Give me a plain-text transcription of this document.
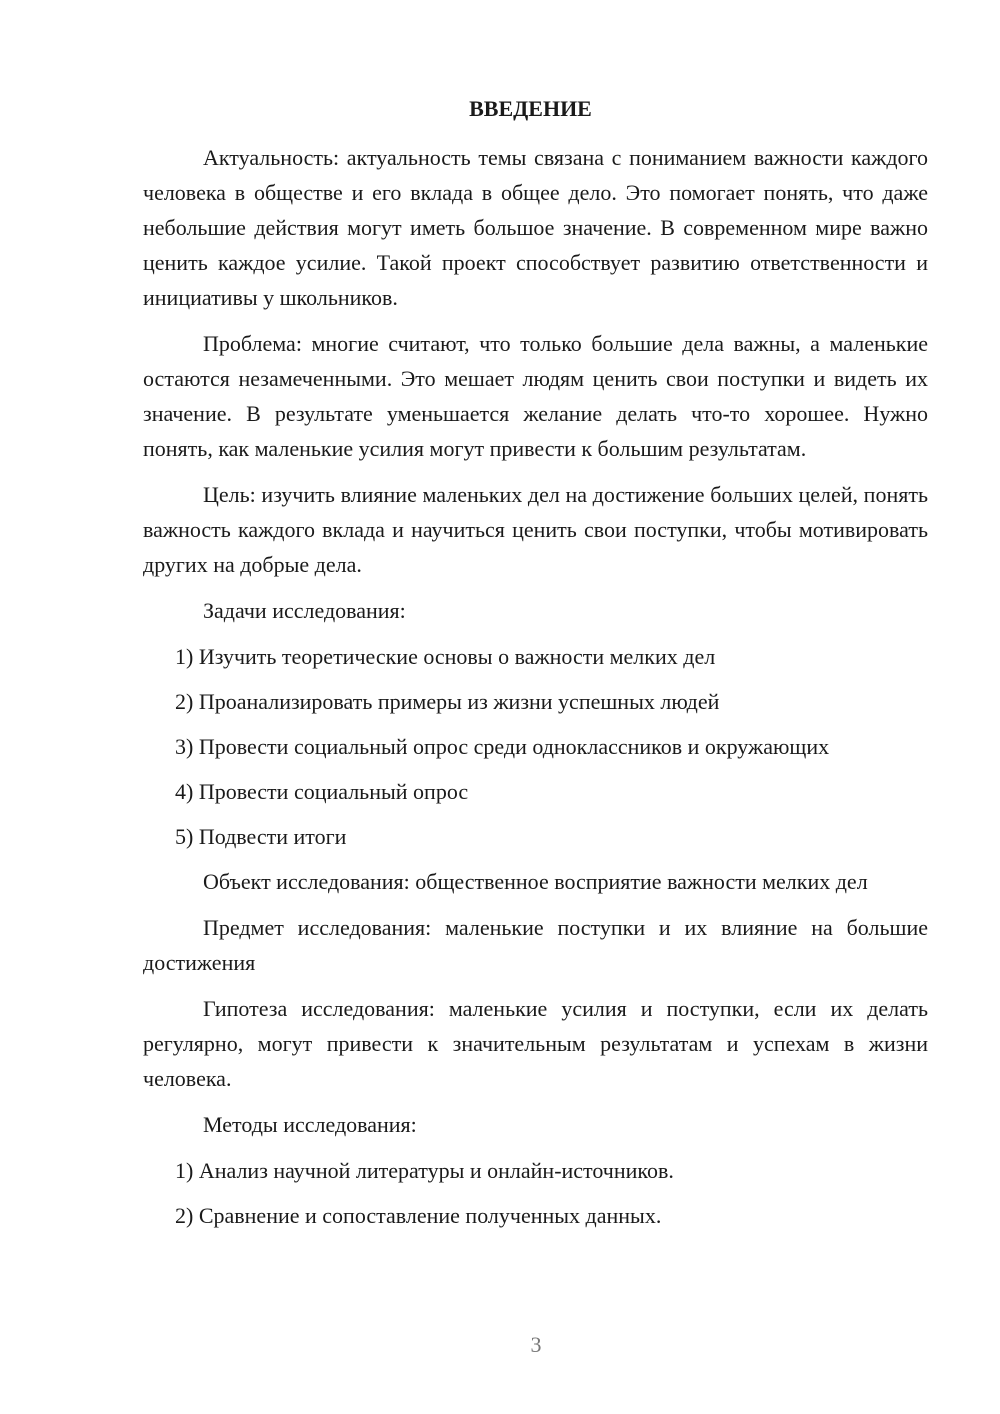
ВВЕДЕНИЕ

Актуальность: актуальность темы связана с пониманием важности каждого человека в обществе и его вклада в общее дело. Это помогает понять, что даже небольшие действия могут иметь большое значение. В современном мире важно ценить каждое усилие. Такой проект способствует развитию ответственности и инициативы у школьников.

Проблема: многие считают, что только большие дела важны, а маленькие остаются незамеченными. Это мешает людям ценить свои поступки и видеть их значение. В результате уменьшается желание делать что-то хорошее. Нужно понять, как маленькие усилия могут привести к большим результатам.

Цель: изучить влияние маленьких дел на достижение больших целей, понять важность каждого вклада и научиться ценить свои поступки, чтобы мотивировать других на добрые дела.

Задачи исследования:
1) Изучить теоретические основы о важности мелких дел
2) Проанализировать примеры из жизни успешных людей
3) Провести социальный опрос среди одноклассников и окружающих
4) Провести социальный опрос
5) Подвести итоги

Объект исследования: общественное восприятие важности мелких дел

Предмет исследования: маленькие поступки и их влияние на большие достижения

Гипотеза исследования: маленькие усилия и поступки, если их делать регулярно, могут привести к значительным результатам и успехам в жизни человека.

Методы исследования:
1) Анализ научной литературы и онлайн-источников.
2) Сравнение и сопоставление полученных данных.
3
